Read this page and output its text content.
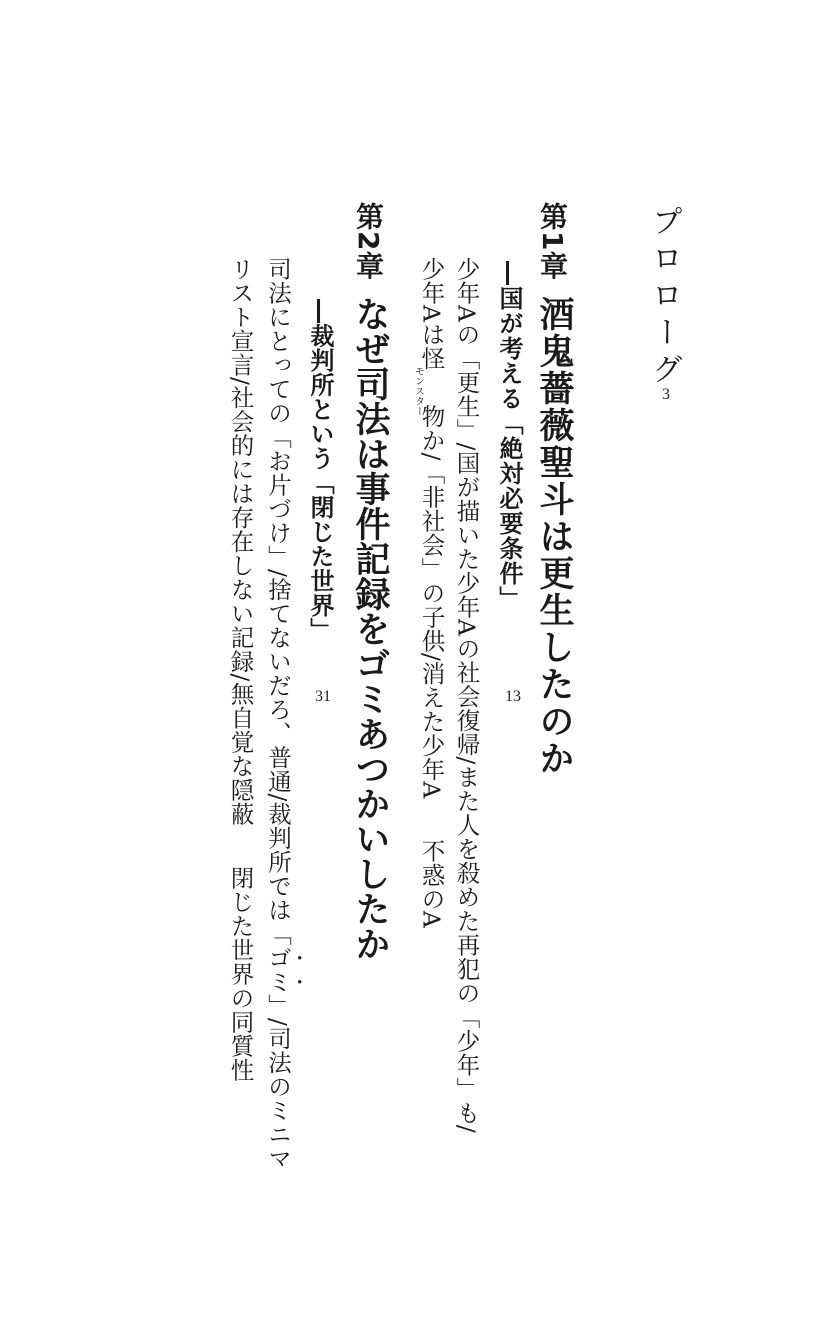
プロローグ
3
第1章
酒鬼薔薇聖斗は更生したのか
―国が考える「絶対必要条件」
13
少年Aの「更生」/国が描いた少年Aの社会復帰/また人を殺めた再犯の「少年」も/
少年Aは怪
モンスター
物か/「非社会」の子供/消えた少年A不惑のA
第2章
なぜ司法は事件記録をゴミあつかいしたか
―裁判所という「閉じた世界」
31
司法にとっての「お片づけ」/捨てないだろ、普通/裁判所では「ゴミ」/司法のミニマ
リスト宣言/社会的には存在しない記録/無自覚な隠蔽閉じた世界の同質性
